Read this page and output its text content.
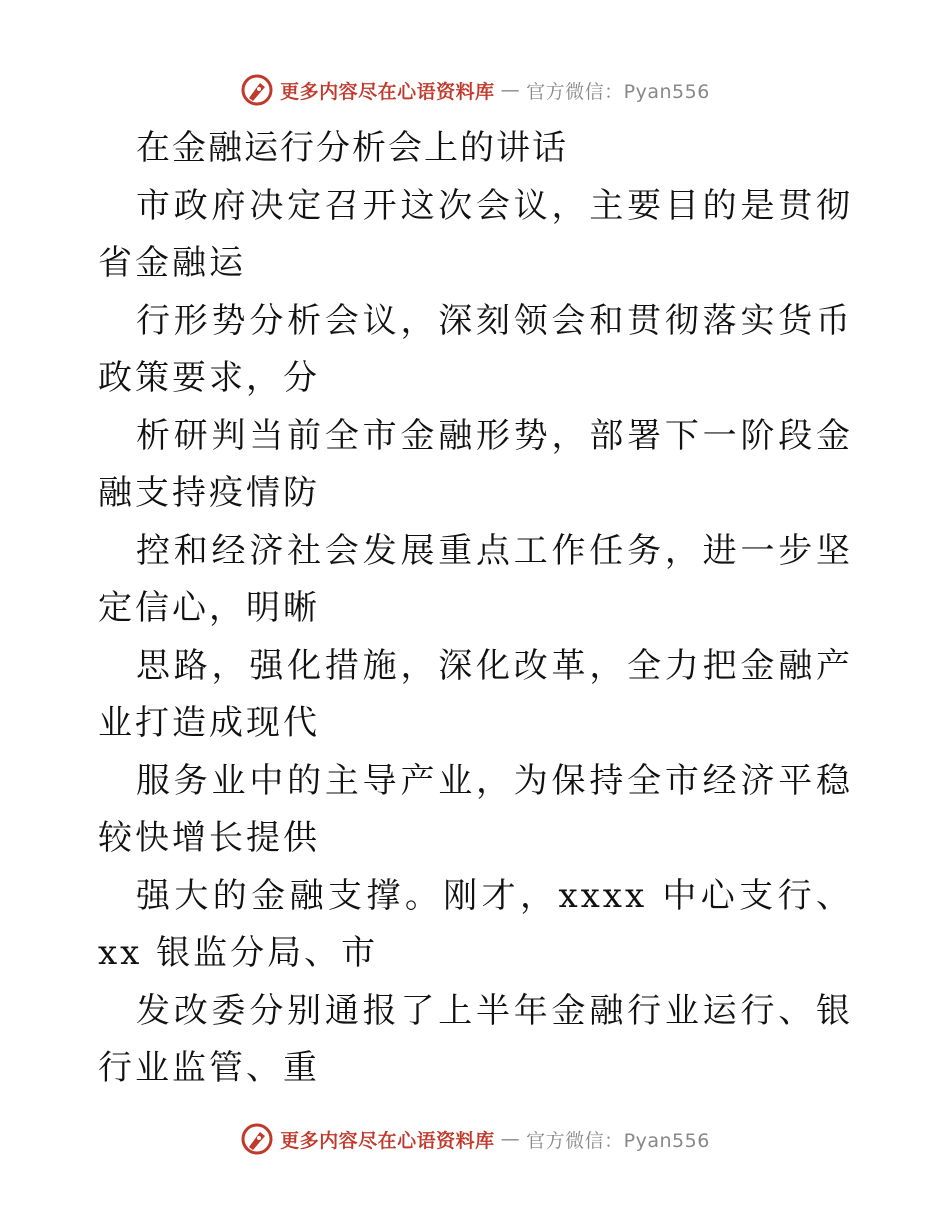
更多内容尽在心语资料库 — 官方微信：Pyan556

在金融运行分析会上的讲话

市政府决定召开这次会议，主要目的是贯彻省金融运

行形势分析会议，深刻领会和贯彻落实货币政策要求，分

析研判当前全市金融形势，部署下一阶段金融支持疫情防

控和经济社会发展重点工作任务，进一步坚定信心，明晰

思路，强化措施，深化改革，全力把金融产业打造成现代

服务业中的主导产业，为保持全市经济平稳较快增长提供

强大的金融支撑。刚才，xxxx 中心支行、xx 银监分局、市

发改委分别通报了上半年金融行业运行、银行业监管、重

更多内容尽在心语资料库 — 官方微信：Pyan556
